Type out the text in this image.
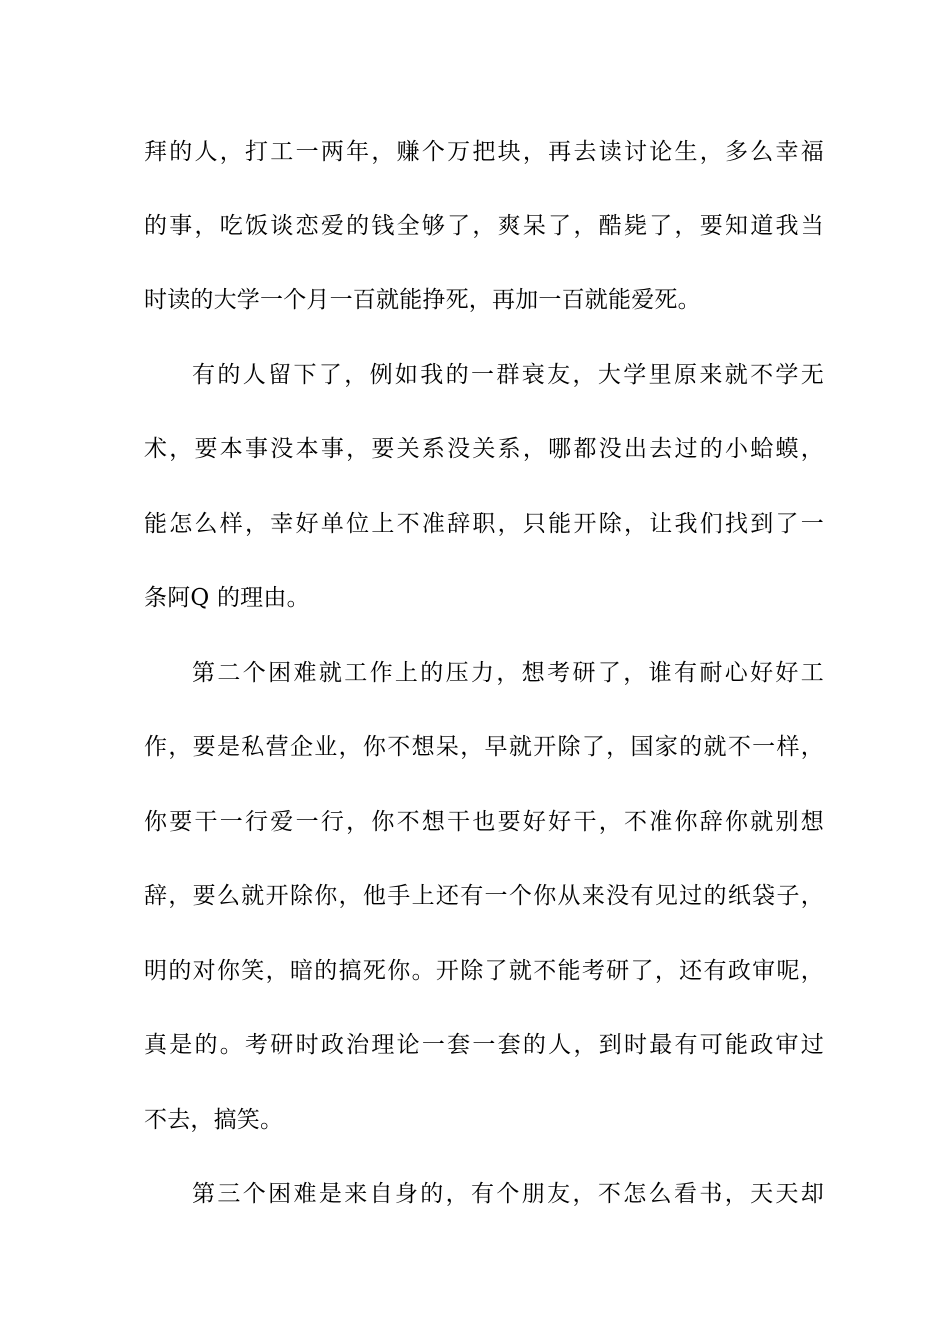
拜的人，打工一两年，赚个万把块，再去读讨论生，多么幸福
的事，吃饭谈恋爱的钱全够了，爽呆了，酷毙了，要知道我当
时读的大学一个月一百就能挣死，再加一百就能爱死。
有的人留下了，例如我的一群衰友，大学里原来就不学无
术，要本事没本事，要关系没关系，哪都没出去过的小蛤蟆，
能怎么样，幸好单位上不准辞职，只能开除，让我们找到了一
条阿Q 的理由。
第二个困难就工作上的压力，想考研了，谁有耐心好好工
作，要是私营企业，你不想呆，早就开除了，国家的就不一样，
你要干一行爱一行，你不想干也要好好干，不准你辞你就别想
辞，要么就开除你，他手上还有一个你从来没有见过的纸袋子，
明的对你笑，暗的搞死你。开除了就不能考研了，还有政审呢，
真是的。考研时政治理论一套一套的人，到时最有可能政审过
不去，搞笑。
第三个困难是来自身的，有个朋友，不怎么看书，天天却
